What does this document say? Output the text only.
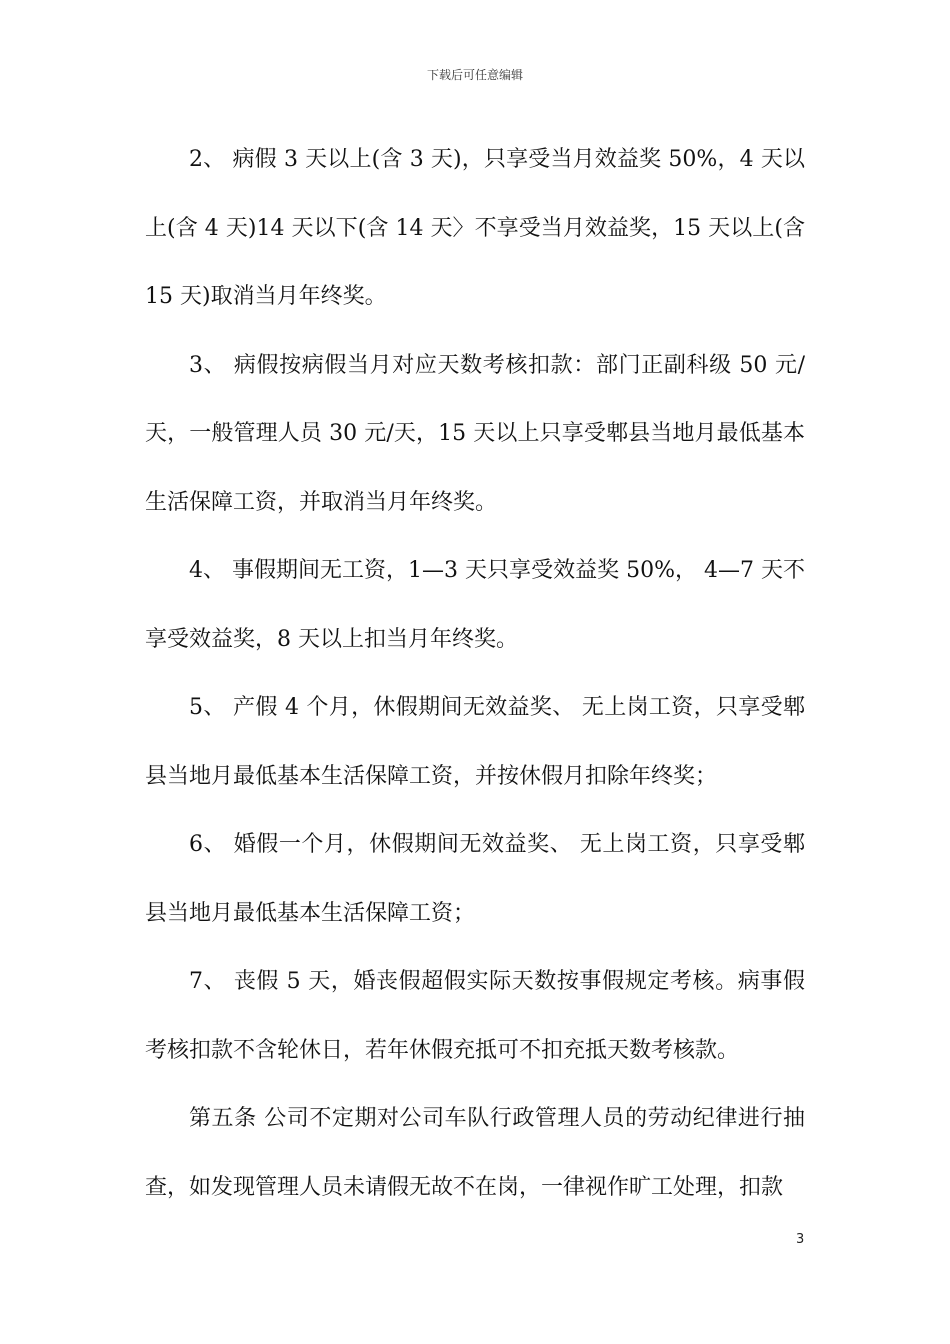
下载后可任意编辑

2、 病假 3 天以上(含 3 天)，只享受当月效益奖 50%，4 天以上(含 4 天)14 天以下(含 14 天〉不享受当月效益奖，15 天以上(含 15 天)取消当月年终奖。

3、 病假按病假当月对应天数考核扣款：部门正副科级 50 元/天，一般管理人员 30 元/天，15 天以上只享受郫县当地月最低基本生活保障工资，并取消当月年终奖。

4、 事假期间无工资，1—3 天只享受效益奖 50%， 4—7 天不享受效益奖，8 天以上扣当月年终奖。

5、 产假 4 个月，休假期间无效益奖、 无上岗工资，只享受郫县当地月最低基本生活保障工资，并按休假月扣除年终奖；

6、 婚假一个月，休假期间无效益奖、 无上岗工资，只享受郫县当地月最低基本生活保障工资；

7、 丧假 5 天，婚丧假超假实际天数按事假规定考核。病事假考核扣款不含轮休日，若年休假充抵可不扣充抵天数考核款。

第五条 公司不定期对公司车队行政管理人员的劳动纪律进行抽查，如发现管理人员未请假无故不在岗，一律视作旷工处理，扣款

3
